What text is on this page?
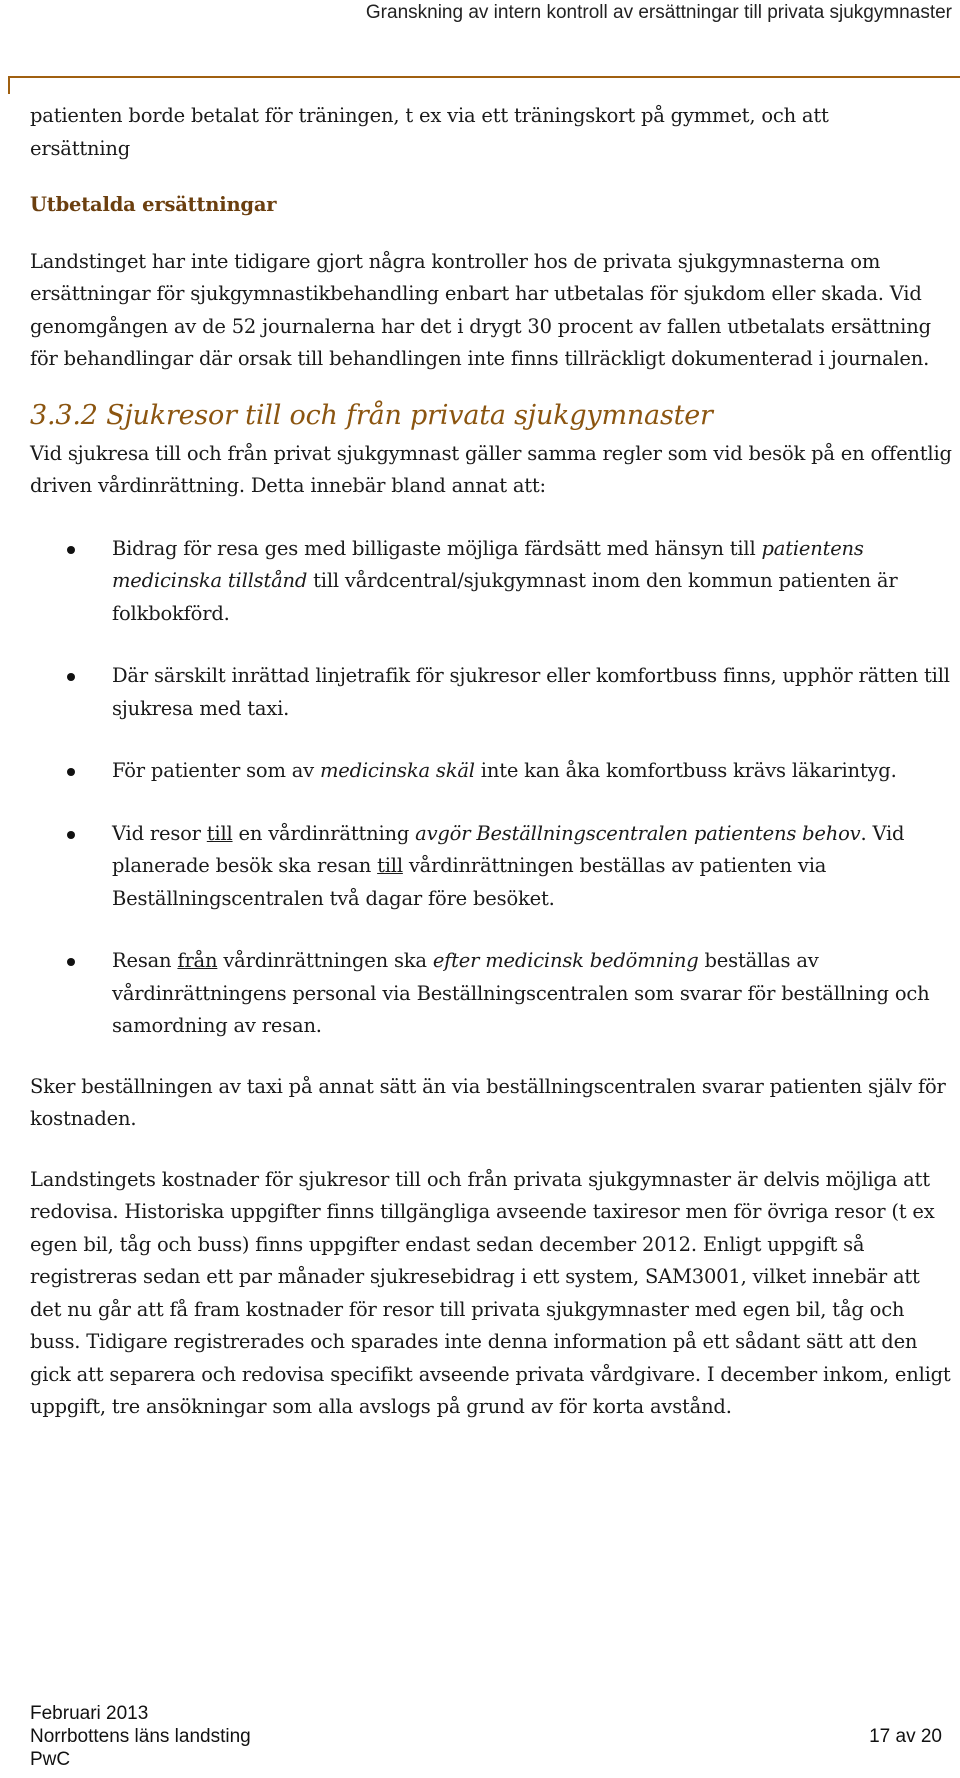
Granskning av intern kontroll av ersättningar till privata sjukgymnaster

patienten borde betalat för träningen, t ex via ett träningskort på gymmet, och att
ersättning

Utbetalda ersättningar

Landstinget har inte tidigare gjort några kontroller hos de privata sjukgymnasterna om ersättningar för sjukgymnastikbehandling enbart har utbetalas för sjukdom eller skada. Vid genomgången av de 52 journalerna har det i drygt 30 procent av fallen utbetalats ersättning för behandlingar där orsak till behandlingen inte finns tillräckligt dokumenterad i journalen.

3.3.2 Sjukresor till och från privata sjukgymnaster

Vid sjukresa till och från privat sjukgymnast gäller samma regler som vid besök på en offentlig driven vårdinrättning. Detta innebär bland annat att:

Bidrag för resa ges med billigaste möjliga färdsätt med hänsyn till patientens medicinska tillstånd till vårdcentral/sjukgymnast inom den kommun patienten är folkbokförd.
Där särskilt inrättad linjetrafik för sjukresor eller komfortbuss finns, upphör rätten till sjukresa med taxi.
För patienter som av medicinska skäl inte kan åka komfortbuss krävs läkarintyg.
Vid resor till en vårdinrättning avgör Beställningscentralen patientens behov. Vid planerade besök ska resan till vårdinrättningen beställas av patienten via Beställningscentralen två dagar före besöket.
Resan från vårdinrättningen ska efter medicinsk bedömning beställas av vårdinrättningens personal via Beställningscentralen som svarar för beställning och samordning av resan.

Sker beställningen av taxi på annat sätt än via beställningscentralen svarar patienten själv för kostnaden.

Landstingets kostnader för sjukresor till och från privata sjukgymnaster är delvis möjliga att redovisa. Historiska uppgifter finns tillgängliga avseende taxiresor men för övriga resor (t ex egen bil, tåg och buss) finns uppgifter endast sedan december 2012. Enligt uppgift så registreras sedan ett par månader sjukresebidrag i ett system, SAM3001, vilket innebär att det nu går att få fram kostnader för resor till privata sjukgymnaster med egen bil, tåg och buss. Tidigare registrerades och sparades inte denna information på ett sådant sätt att den gick att separera och redovisa specifikt avseende privata vårdgivare. I december inkom, enligt uppgift, tre ansökningar som alla avslogs på grund av för korta avstånd.

Februari 2013
Norrbottens läns landsting
PwC
17 av 20
